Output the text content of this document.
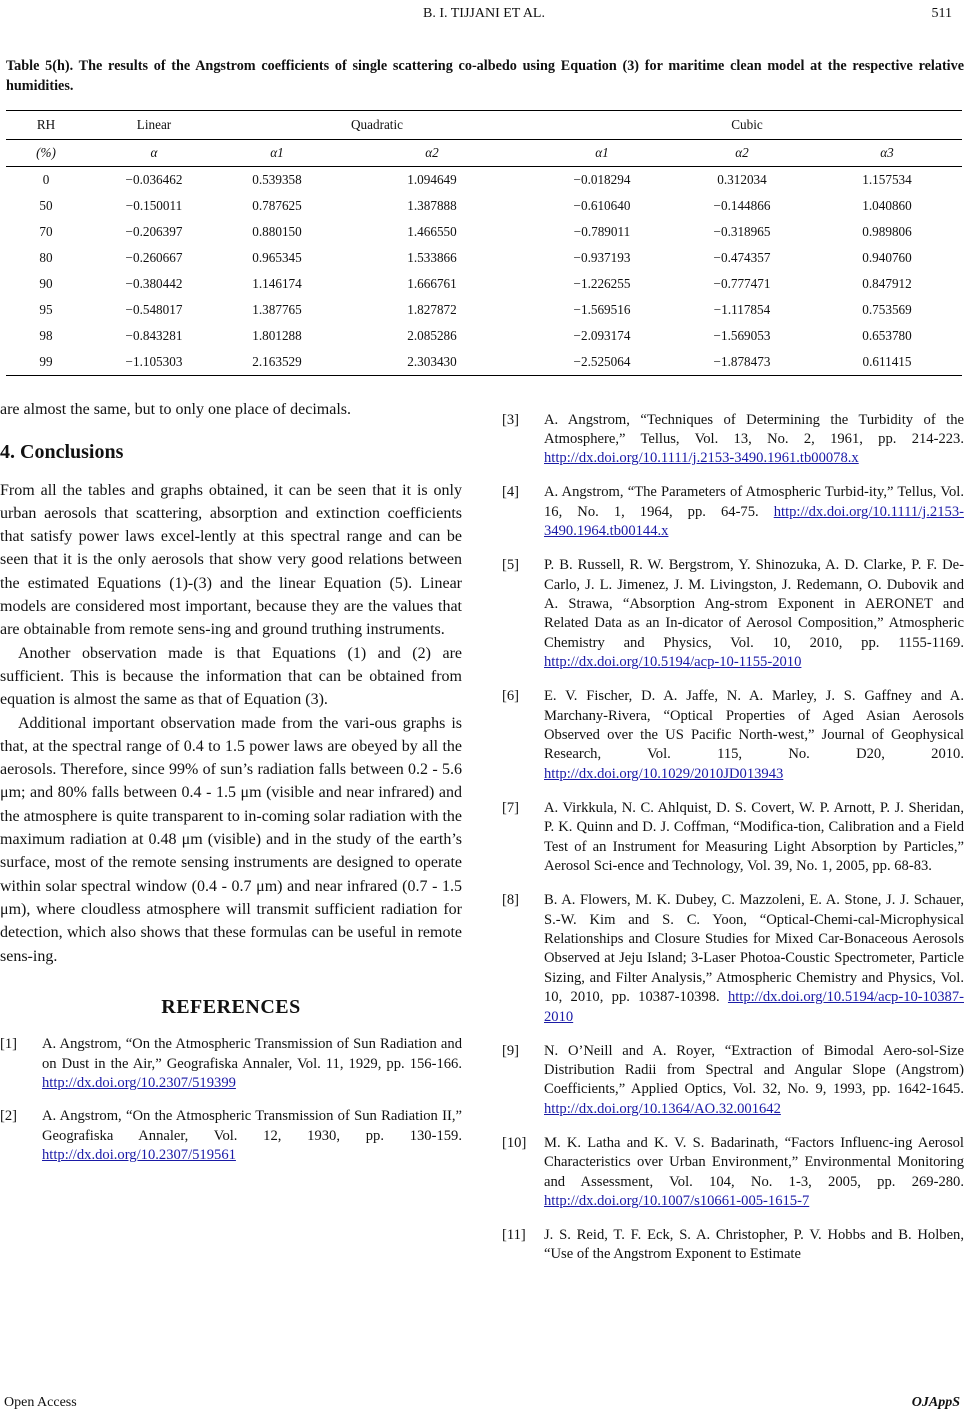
B. I. TIJJANI ET AL.	511
Table 5(h). The results of the Angstrom coefficients of single scattering co-albedo using Equation (3) for maritime clean model at the respective relative humidities.
RH	Linear	Quadratic		Cubic		
(%)	α	α1	α2	α1	α2	α3
0	−0.036462	0.539358	1.094649	−0.018294	0.312034	1.157534
50	−0.150011	0.787625	1.387888	−0.610640	−0.144866	1.040860
70	−0.206397	0.880150	1.466550	−0.789011	−0.318965	0.989806
80	−0.260667	0.965345	1.533866	−0.937193	−0.474357	0.940760
90	−0.380442	1.146174	1.666761	−1.226255	−0.777471	0.847912
95	−0.548017	1.387765	1.827872	−1.569516	−1.117854	0.753569
98	−0.843281	1.801288	2.085286	−2.093174	−1.569053	0.653780
99	−1.105303	2.163529	2.303430	−2.525064	−1.878473	0.611415

are almost the same, but to only one place of decimals.

4. Conclusions

From all the tables and graphs obtained, it can be seen that it is only urban aerosols that scattering, absorption and extinction coefficients that satisfy power laws excel-lently at this spectral range and can be seen that it is the only aerosols that show very good relations between the estimated Equations (1)-(3) and the linear Equation (5). Linear models are considered most important, because they are the values that are obtainable from remote sens-ing and ground truthing instruments.

Another observation made is that Equations (1) and (2) are sufficient. This is because the information that can be obtained from equation is almost the same as that of Equation (3).

Additional important observation made from the vari-ous graphs is that, at the spectral range of 0.4 to 1.5 power laws are obeyed by all the aerosols. Therefore, since 99% of sun’s radiation falls between 0.2 - 5.6 μm; and 80% falls between 0.4 - 1.5 μm (visible and near infrared) and the atmosphere is quite transparent to in-coming solar radiation with the maximum radiation at 0.48 μm (visible) and in the study of the earth’s surface, most of the remote sensing instruments are designed to operate within solar spectral window (0.4 - 0.7 μm) and near infrared (0.7 - 1.5 μm), where cloudless atmosphere will transmit sufficient radiation for detection, which also shows that these formulas can be useful in remote sens-ing.

REFERENCES

[1] A. Angstrom, “On the Atmospheric Transmission of Sun Radiation and on Dust in the Air,” Geografiska Annaler, Vol. 11, 1929, pp. 156-166. http://dx.doi.org/10.2307/519399

[2] A. Angstrom, “On the Atmospheric Transmission of Sun Radiation II,” Geografiska Annaler, Vol. 12, 1930, pp. 130-159. http://dx.doi.org/10.2307/519561

[3] A. Angstrom, “Techniques of Determining the Turbidity of the Atmosphere,” Tellus, Vol. 13, No. 2, 1961, pp. 214-223. http://dx.doi.org/10.1111/j.2153-3490.1961.tb00078.x

[4] A. Angstrom, “The Parameters of Atmospheric Turbid-ity,” Tellus, Vol. 16, No. 1, 1964, pp. 64-75. http://dx.doi.org/10.1111/j.2153-3490.1964.tb00144.x

[5] P. B. Russell, R. W. Bergstrom, Y. Shinozuka, A. D. Clarke, P. F. De-Carlo, J. L. Jimenez, J. M. Livingston, J. Redemann, O. Dubovik and A. Strawa, “Absorption Ang-strom Exponent in AERONET and Related Data as an In-dicator of Aerosol Composition,” Atmospheric Chemistry and Physics, Vol. 10, 2010, pp. 1155-1169. http://dx.doi.org/10.5194/acp-10-1155-2010

[6] E. V. Fischer, D. A. Jaffe, N. A. Marley, J. S. Gaffney and A. Marchany-Rivera, “Optical Properties of Aged Asian Aerosols Observed over the US Pacific North-west,” Journal of Geophysical Research, Vol. 115, No. D20, 2010. http://dx.doi.org/10.1029/2010JD013943

[7] A. Virkkula, N. C. Ahlquist, D. S. Covert, W. P. Arnott, P. J. Sheridan, P. K. Quinn and D. J. Coffman, “Modifica-tion, Calibration and a Field Test of an Instrument for Measuring Light Absorption by Particles,” Aerosol Sci-ence and Technology, Vol. 39, No. 1, 2005, pp. 68-83.

[8] B. A. Flowers, M. K. Dubey, C. Mazzoleni, E. A. Stone, J. J. Schauer, S.-W. Kim and S. C. Yoon, “Optical-Chemi-cal-Microphysical Relationships and Closure Studies for Mixed Car-Bonaceous Aerosols Observed at Jeju Island; 3-Laser Photoa-Coustic Spectrometer, Particle Sizing, and Filter Analysis,” Atmospheric Chemistry and Physics, Vol. 10, 2010, pp. 10387-10398. http://dx.doi.org/10.5194/acp-10-10387-2010

[9] N. O’Neill and A. Royer, “Extraction of Bimodal Aero-sol-Size Distribution Radii from Spectral and Angular Slope (Angstrom) Coefficients,” Applied Optics, Vol. 32, No. 9, 1993, pp. 1642-1645. http://dx.doi.org/10.1364/AO.32.001642

[10] M. K. Latha and K. V. S. Badarinath, “Factors Influenc-ing Aerosol Characteristics over Urban Environment,” Environmental Monitoring and Assessment, Vol. 104, No. 1-3, 2005, pp. 269-280. http://dx.doi.org/10.1007/s10661-005-1615-7

[11] J. S. Reid, T. F. Eck, S. A. Christopher, P. V. Hobbs and B. Holben, “Use of the Angstrom Exponent to Estimate

Open Access	OJAppS
